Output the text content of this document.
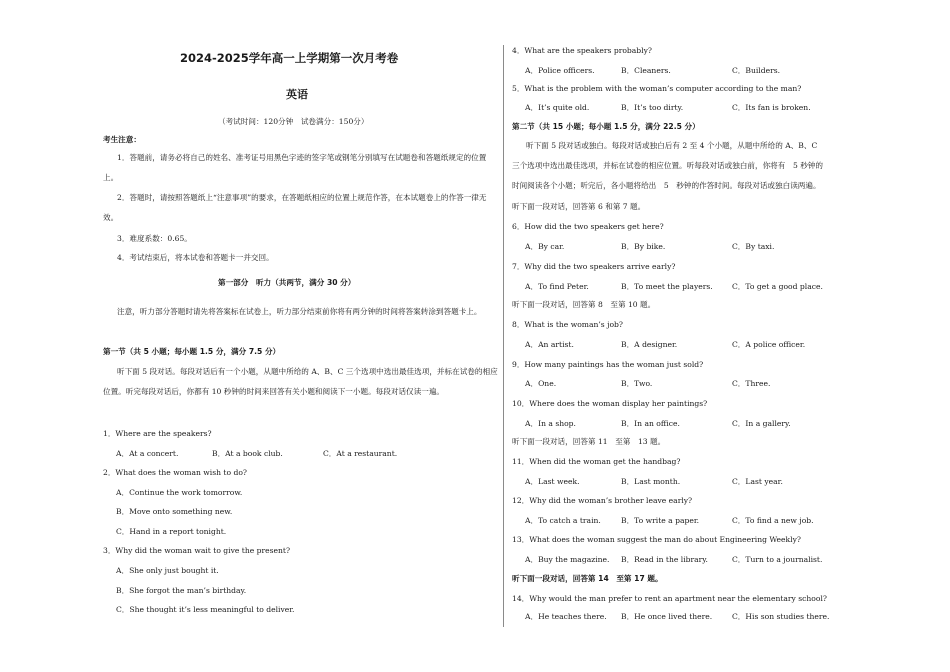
2024-2025学年高一上学期第一次月考卷
英语
（考试时间：120分钟　试卷满分：150分）
考生注意：
1．答题前，请务必将自己的姓名、准考证号用黑色字迹的签字笔或钢笔分别填写在试题卷和答题纸规定的位置上。
2．答题时，请按照答题纸上“注意事项”的要求，在答题纸相应的位置上规范作答，在本试题卷上的作答一律无效。
3．难度系数：0.65。
4．考试结束后，将本试卷和答题卡一并交回。
第一部分　听力（共两节，满分 30 分）
注意，听力部分答题时请先将答案标在试卷上，听力部分结束前你将有两分钟的时间将答案转涂到答题卡上。
第一节（共 5 小题；每小题 1.5 分，满分 7.5 分）
听下面 5 段对话。每段对话后有一个小题，从题中所给的 A、B、C 三个选项中选出最佳选项，并标在试卷的相应位置。听完每段对话后，你都有 10 秒钟的时间来回答有关小题和阅读下一小题。每段对话仅读一遍。
1．Where are the speakers?
A．At a concert.	B．At a book club.	C．At a restaurant.
2．What does the woman wish to do?
A．Continue the work tomorrow.
B．Move onto something new.
C．Hand in a report tonight.
3．Why did the woman wait to give the present?
A．She only just bought it.
B．She forgot the man’s birthday.
C．She thought it’s less meaningful to deliver.
4．What are the speakers probably?
A．Police officers.	B．Cleaners.	C．Builders.
5．What is the problem with the woman’s computer according to the man?
A．It’s quite old.	B．It’s too dirty.	C．Its fan is broken.
第二节（共 15 小题；每小题 1.5 分，满分 22.5 分）
听下面 5 段对话或独白。每段对话或独白后有 2 至 4 个小题，从题中所给的 A、B、C 三个选项中选出最佳选项，并标在试卷的相应位置。听每段对话或独白前，你将有　5 秒钟的时间阅读各个小题；听完后，各小题将给出　5　秒钟的作答时间。每段对话或独白读两遍。
听下面一段对话，回答第 6 和第 7 题。
6．How did the two speakers get here?
A．By car.	B．By bike.	C．By taxi.
7．Why did the two speakers arrive early?
A．To find Peter.	B．To meet the players.	C．To get a good place.
听下面一段对话，回答第 8　至第 10 题。
8．What is the woman’s job?
A．An artist.	B．A designer.	C．A police officer.
9．How many paintings has the woman just sold?
A．One.	B．Two.	C．Three.
10．Where does the woman display her paintings?
A．In a shop.	B．In an office.	C．In a gallery.
听下面一段对话，回答第 11　至第　13 题。
11．When did the woman get the handbag?
A．Last week.	B．Last month.	C．Last year.
12．Why did the woman’s brother leave early?
A．To catch a train.	B．To write a paper.	C．To find a new job.
13．What does the woman suggest the man do about Engineering Weekly?
A．Buy the magazine. B．Read in the library.	C．Turn to a journalist.
听下面一段对话，回答第 14　至第 17 题。
14．Why would the man prefer to rent an apartment near the elementary school?
A．He teaches there. B．He once lived there.	C．His son studies there.
